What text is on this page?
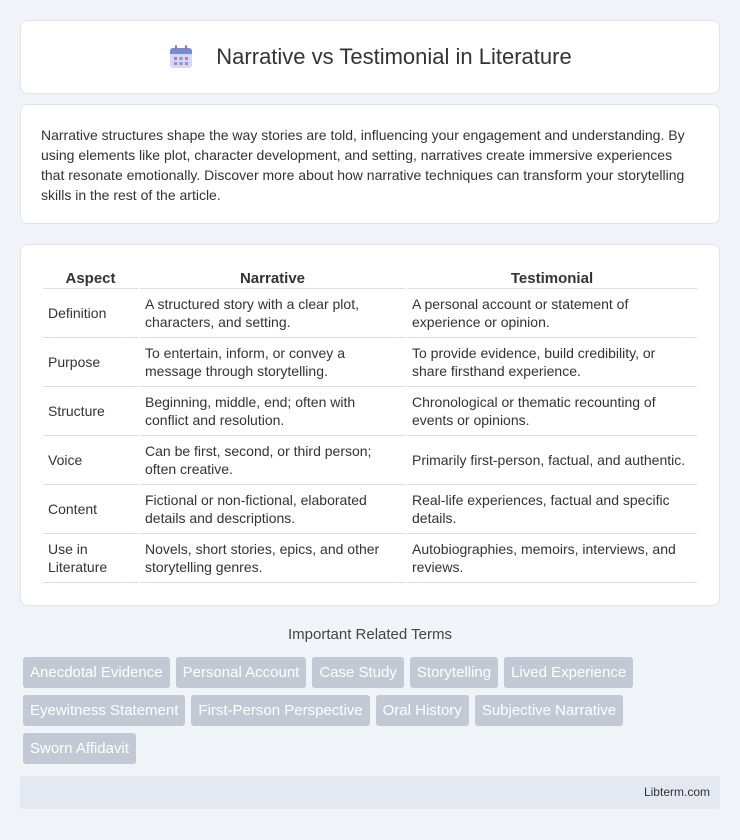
Narrative vs Testimonial in Literature

Narrative structures shape the way stories are told, influencing your engagement and understanding. By using elements like plot, character development, and setting, narratives create immersive experiences that resonate emotionally. Discover more about how narrative techniques can transform your storytelling skills in the rest of the article.

Aspect	Narrative	Testimonial
Definition	A structured story with a clear plot, characters, and setting.	A personal account or statement of experience or opinion.
Purpose	To entertain, inform, or convey a message through storytelling.	To provide evidence, build credibility, or share firsthand experience.
Structure	Beginning, middle, end; often with conflict and resolution.	Chronological or thematic recounting of events or opinions.
Voice	Can be first, second, or third person; often creative.	Primarily first-person, factual, and authentic.
Content	Fictional or non-fictional, elaborated details and descriptions.	Real-life experiences, factual and specific details.
Use in Literature	Novels, short stories, epics, and other storytelling genres.	Autobiographies, memoirs, interviews, and reviews.
Important Related Terms
Anecdotal Evidence	Personal Account	Case Study	Storytelling	Lived Experience
Eyewitness Statement	First-Person Perspective	Oral History	Subjective Narrative
Sworn Affidavit
Libterm.com
